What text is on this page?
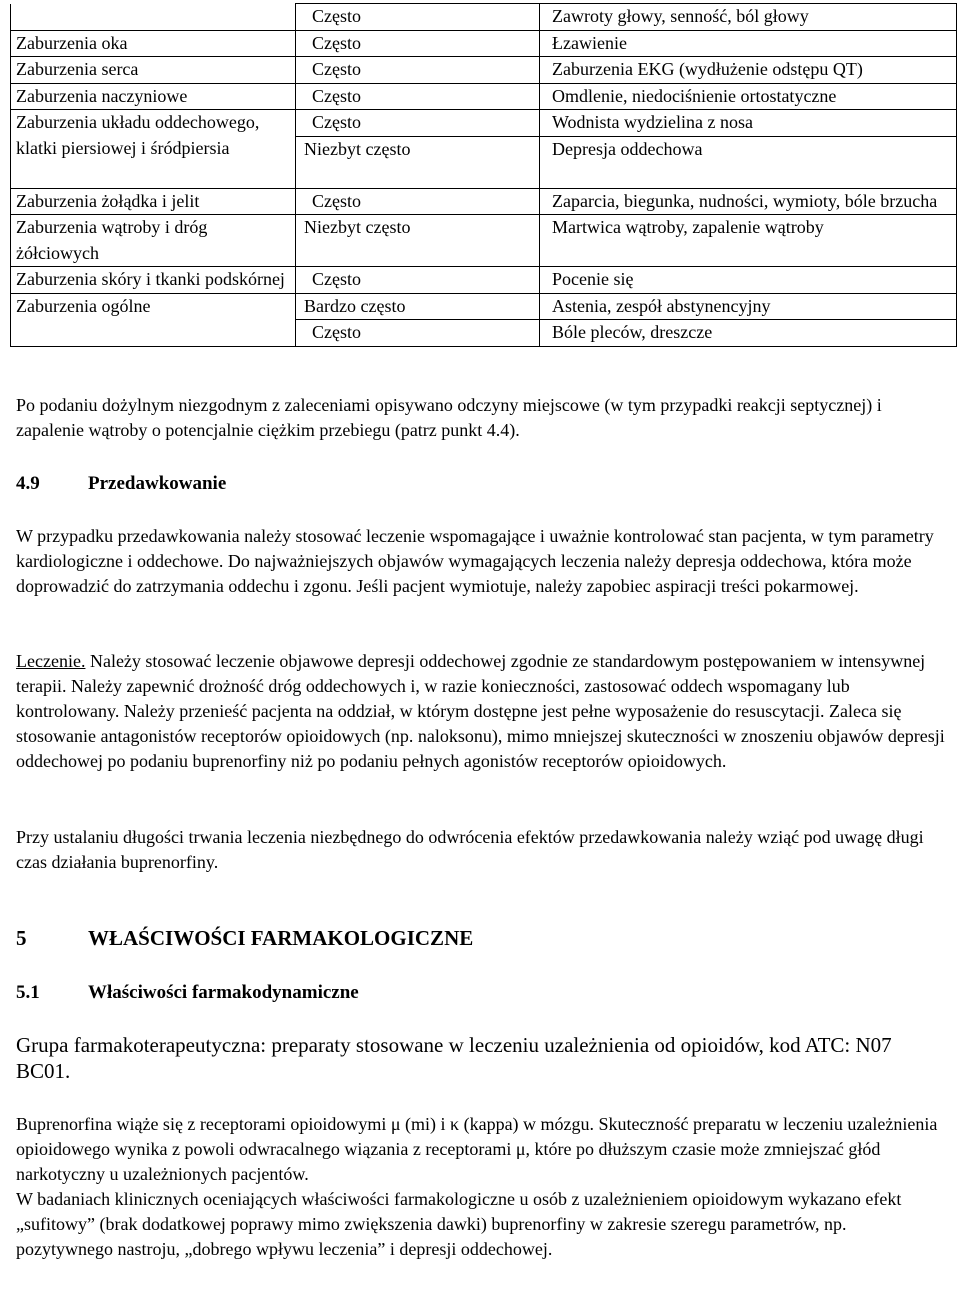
	Często	Zawroty głowy, senność, ból głowy
Zaburzenia oka	Często	Łzawienie
Zaburzenia serca	Często	Zaburzenia EKG (wydłużenie odstępu QT)
Zaburzenia naczyniowe	Często	Omdlenie, niedociśnienie ortostatyczne
Zaburzenia układu oddechowego, klatki piersiowej i śródpiersia	Często	Wodnista wydzielina z nosa
	Niezbyt często	Depresja oddechowa
Zaburzenia żołądka i jelit	Często	Zaparcia, biegunka, nudności, wymioty, bóle brzucha
Zaburzenia wątroby i dróg żółciowych	Niezbyt często	Martwica wątroby, zapalenie wątroby
Zaburzenia skóry i tkanki podskórnej	Często	Pocenie się
Zaburzenia ogólne	Bardzo często	Astenia, zespół abstynencyjny
	Często	Bóle pleców, dreszcze

Po podaniu dożylnym niezgodnym z zaleceniami opisywano odczyny miejscowe (w tym przypadki reakcji septycznej) i zapalenie wątroby o potencjalnie ciężkim przebiegu (patrz punkt 4.4).

4.9	Przedawkowanie

W przypadku przedawkowania należy stosować leczenie wspomagające i uważnie kontrolować stan pacjenta, w tym parametry kardiologiczne i oddechowe. Do najważniejszych objawów wymagających leczenia należy depresja oddechowa, która może doprowadzić do zatrzymania oddechu i zgonu. Jeśli pacjent wymiotuje, należy zapobiec aspiracji treści pokarmowej.

Leczenie. Należy stosować leczenie objawowe depresji oddechowej zgodnie ze standardowym postępowaniem w intensywnej terapii. Należy zapewnić drożność dróg oddechowych i, w razie konieczności, zastosować oddech wspomagany lub kontrolowany. Należy przenieść pacjenta na oddział, w którym dostępne jest pełne wyposażenie do resuscytacji. Zaleca się stosowanie antagonistów receptorów opioidowych (np. naloksonu), mimo mniejszej skuteczności w znoszeniu objawów depresji oddechowej po podaniu buprenorfiny niż po podaniu pełnych agonistów receptorów opioidowych.

Przy ustalaniu długości trwania leczenia niezbędnego do odwrócenia efektów przedawkowania należy wziąć pod uwagę długi czas działania buprenorfiny.

5	WŁAŚCIWOŚCI FARMAKOLOGICZNE
5.1	Właściwości farmakodynamiczne

Grupa farmakoterapeutyczna: preparaty stosowane w leczeniu uzależnienia od opioidów, kod ATC: N07 BC01.

Buprenorfina wiąże się z receptorami opioidowymi μ (mi) i κ (kappa) w mózgu. Skuteczność preparatu w leczeniu uzależnienia opioidowego wynika z powoli odwracalnego wiązania z receptorami μ, które po dłuższym czasie może zmniejszać głód narkotyczny u uzależnionych pacjentów.

W badaniach klinicznych oceniających właściwości farmakologiczne u osób z uzależnieniem opioidowym wykazano efekt „sufitowy” (brak dodatkowej poprawy mimo zwiększenia dawki) buprenorfiny w zakresie szeregu parametrów, np. pozytywnego nastroju, „dobrego wpływu leczenia” i depresji oddechowej.
